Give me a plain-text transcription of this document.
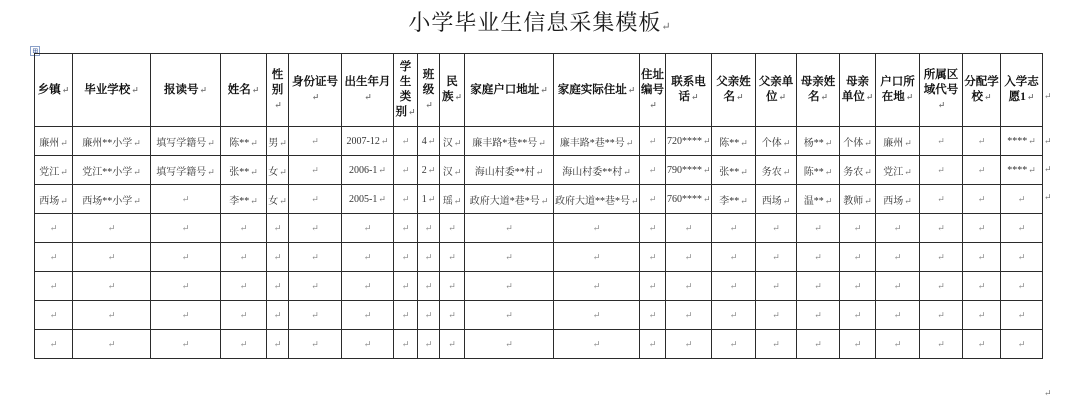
小学毕业生信息采集模板↵
⊞
乡镇↵	毕业学校↵	报读号↵	姓名↵	性别↵	身份证号↵	出生年月↵	学生类别↵	班级↵	民族↵	家庭户口地址↵	家庭实际住址↵	住址编号↵	联系电话↵	父亲姓名↵	父亲单位↵	母亲姓名↵	母亲单位↵	户口所在地↵	所属区域代号↵	分配学校↵	入学志愿1↵
廉州↵	廉州**小学↵	填写学籍号↵	陈**↵	男↵	↵	2007-12↵	↵	4↵	汉↵	廉丰路*巷**号↵	廉丰路*巷**号↵	↵	720****↵	陈**↵	个体↵	杨**↵	个体↵	廉州↵	↵	↵	****↵
党江↵	党江**小学↵	填写学籍号↵	张**↵	女↵	↵	2006-1↵	↵	2↵	汉↵	海山村委**村↵	海山村委**村↵	↵	790****↵	张**↵	务农↵	陈**↵	务农↵	党江↵	↵	↵	****↵
西场↵	西场**小学↵	↵	李**↵	女↵	↵	2005-1↵	↵	1↵	瑶↵	政府大道*巷*号↵	政府大道**巷*号↵	↵	760****↵	李**↵	西场↵	温**↵	教师↵	西场↵	↵	↵	↵
↵	↵	↵	↵	↵	↵	↵	↵	↵	↵	↵	↵	↵	↵	↵	↵	↵	↵	↵	↵	↵	↵
↵	↵	↵	↵	↵	↵	↵	↵	↵	↵	↵	↵	↵	↵	↵	↵	↵	↵	↵	↵	↵	↵
↵	↵	↵	↵	↵	↵	↵	↵	↵	↵	↵	↵	↵	↵	↵	↵	↵	↵	↵	↵	↵	↵
↵	↵	↵	↵	↵	↵	↵	↵	↵	↵	↵	↵	↵	↵	↵	↵	↵	↵	↵	↵	↵	↵
↵	↵	↵	↵	↵	↵	↵	↵	↵	↵	↵	↵	↵	↵	↵	↵	↵	↵	↵	↵	↵	↵
↵
↵
↵
↵
↵
